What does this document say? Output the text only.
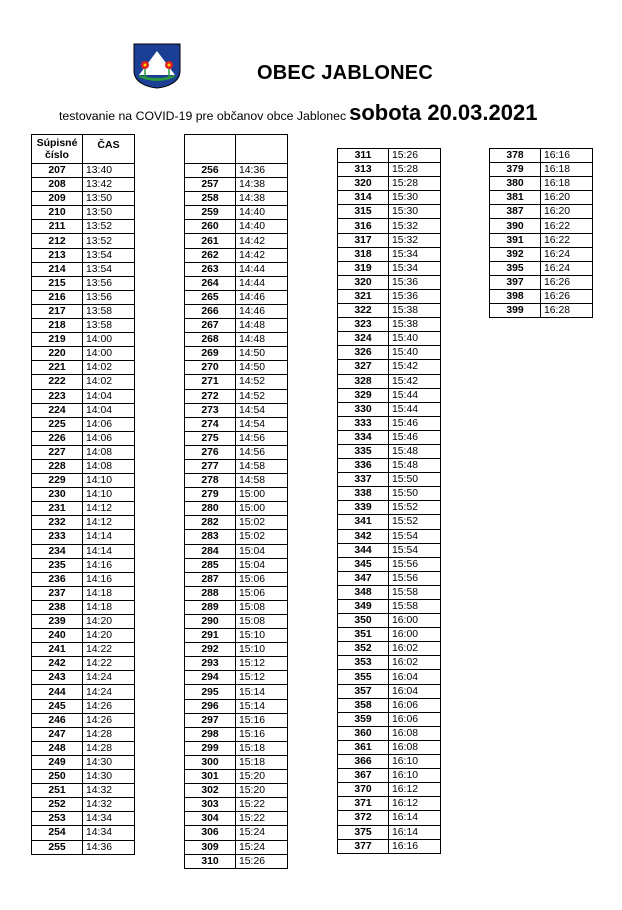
OBEC JABLONEC
testovanie na COVID-19 pre občanov obce Jablonec sobota 20.03.2021
Súpisné
číslo	ČAS
207	13:40
208	13:42
209	13:50
210	13:50
211	13:52
212	13:52
213	13:54
214	13:54
215	13:56
216	13:56
217	13:58
218	13:58
219	14:00
220	14:00
221	14:02
222	14:02
223	14:04
224	14:04
225	14:06
226	14:06
227	14:08
228	14:08
229	14:10
230	14:10
231	14:12
232	14:12
233	14:14
234	14:14
235	14:16
236	14:16
237	14:18
238	14:18
239	14:20
240	14:20
241	14:22
242	14:22
243	14:24
244	14:24
245	14:26
246	14:26
247	14:28
248	14:28
249	14:30
250	14:30
251	14:32
252	14:32
253	14:34
254	14:34
255	14:36

256	14:36
257	14:38
258	14:38
259	14:40
260	14:40
261	14:42
262	14:42
263	14:44
264	14:44
265	14:46
266	14:46
267	14:48
268	14:48
269	14:50
270	14:50
271	14:52
272	14:52
273	14:54
274	14:54
275	14:56
276	14:56
277	14:58
278	14:58
279	15:00
280	15:00
282	15:02
283	15:02
284	15:04
285	15:04
287	15:06
288	15:06
289	15:08
290	15:08
291	15:10
292	15:10
293	15:12
294	15:12
295	15:14
296	15:14
297	15:16
298	15:16
299	15:18
300	15:18
301	15:20
302	15:20
303	15:22
304	15:22
306	15:24
309	15:24
310	15:26
311	15:26
313	15:28
320	15:28
314	15:30
315	15:30
316	15:32
317	15:32
318	15:34
319	15:34
320	15:36
321	15:36
322	15:38
323	15:38
324	15:40
326	15:40
327	15:42
328	15:42
329	15:44
330	15:44
333	15:46
334	15:46
335	15:48
336	15:48
337	15:50
338	15:50
339	15:52
341	15:52
342	15:54
344	15:54
345	15:56
347	15:56
348	15:58
349	15:58
350	16:00
351	16:00
352	16:02
353	16:02
355	16:04
357	16:04
358	16:06
359	16:06
360	16:08
361	16:08
366	16:10
367	16:10
370	16:12
371	16:12
372	16:14
375	16:14
377	16:16
378	16:16
379	16:18
380	16:18
381	16:20
387	16:20
390	16:22
391	16:22
392	16:24
395	16:24
397	16:26
398	16:26
399	16:28
